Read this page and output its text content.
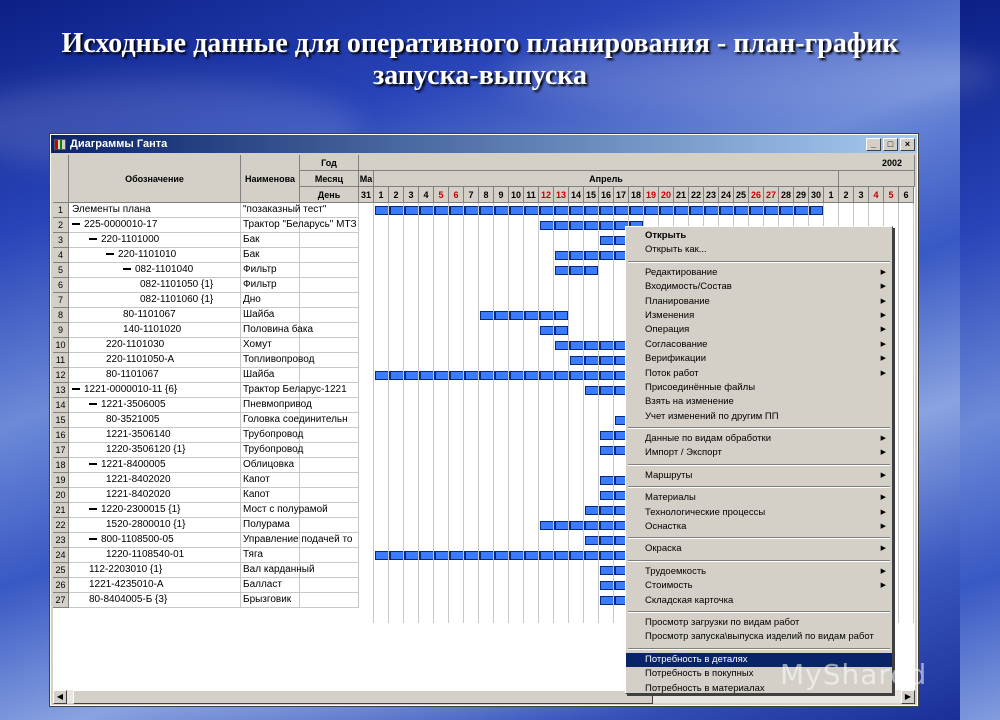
Исходные данные для оперативного планирования - план-график запуска-выпуска
Диаграммы Ганта	_	□	×
Обозначение	Наименова
Год
Месяц
День
2002
Ма	Апрель
31 1	2	3	4	5	6	7	8	9 10 11 12 13 14 15 16 17 18 19 20 21 22 23 24 25 26 27 28 29 30 1	2	3	4	5	6
1 Элементы плана	"позаказный тест"
2	225-0000010-17	Трактор "Беларусь" МТЗ
3	220-1101000	Бак
4	220-1101010	Бак
5	082-1101040	Фильтр
6	082-1101050 {1}	Фильтр
7	082-1101060 {1}	Дно
8	80-1101067	Шайба
9	140-1101020	Половина бака
10	220-1101030	Хомут
11	220-1101050-А	Топливопровод
12	80-1101067	Шайба
13	1221-0000010-11 {6}	Трактор Беларус-1221
14	1221-3506005	Пневмопривод
15	80-3521005	Головка соединительн
16	1221-3506140	Трубопровод
17	1220-3506120 {1}	Трубопровод
18	1221-8400005	Облицовка
19	1221-8402020	Капот
20	1221-8402020	Капот
21	1220-2300015 {1}	Мост с полурамой
22	1520-2800010 {1}	Полурама
23	800-1108500-05	Управление подачей то
24	1220-1108540-01	Тяга
25	112-2203010 {1}	Вал карданный
26	1221-4235010-А	Балласт
27	80-8404005-Б {3}	Брызговик
◀	▶
Открыть
Открыть как...
Редактирование	▶
Входимость/Состав	▶
Планирование	▶
Изменения	▶
Операция	▶
Согласование	▶
Верификации	▶
Поток работ	▶
Присоединённые файлы
Взять на изменение
Учет изменений по другим ПП
Данные по видам обработки	▶
Импорт / Экспорт	▶
Маршруты	▶
Материалы	▶
Технологические процессы	▶
Оснастка	▶
Окраска	▶
Трудоемкость	▶
Стоимость	▶
Складская карточка
Просмотр загрузки по видам работ
Просмотр запуска\выпуска изделий по видам работ
Потребность в деталях
Потребность в покупных
Потребность в материалах MyShared
